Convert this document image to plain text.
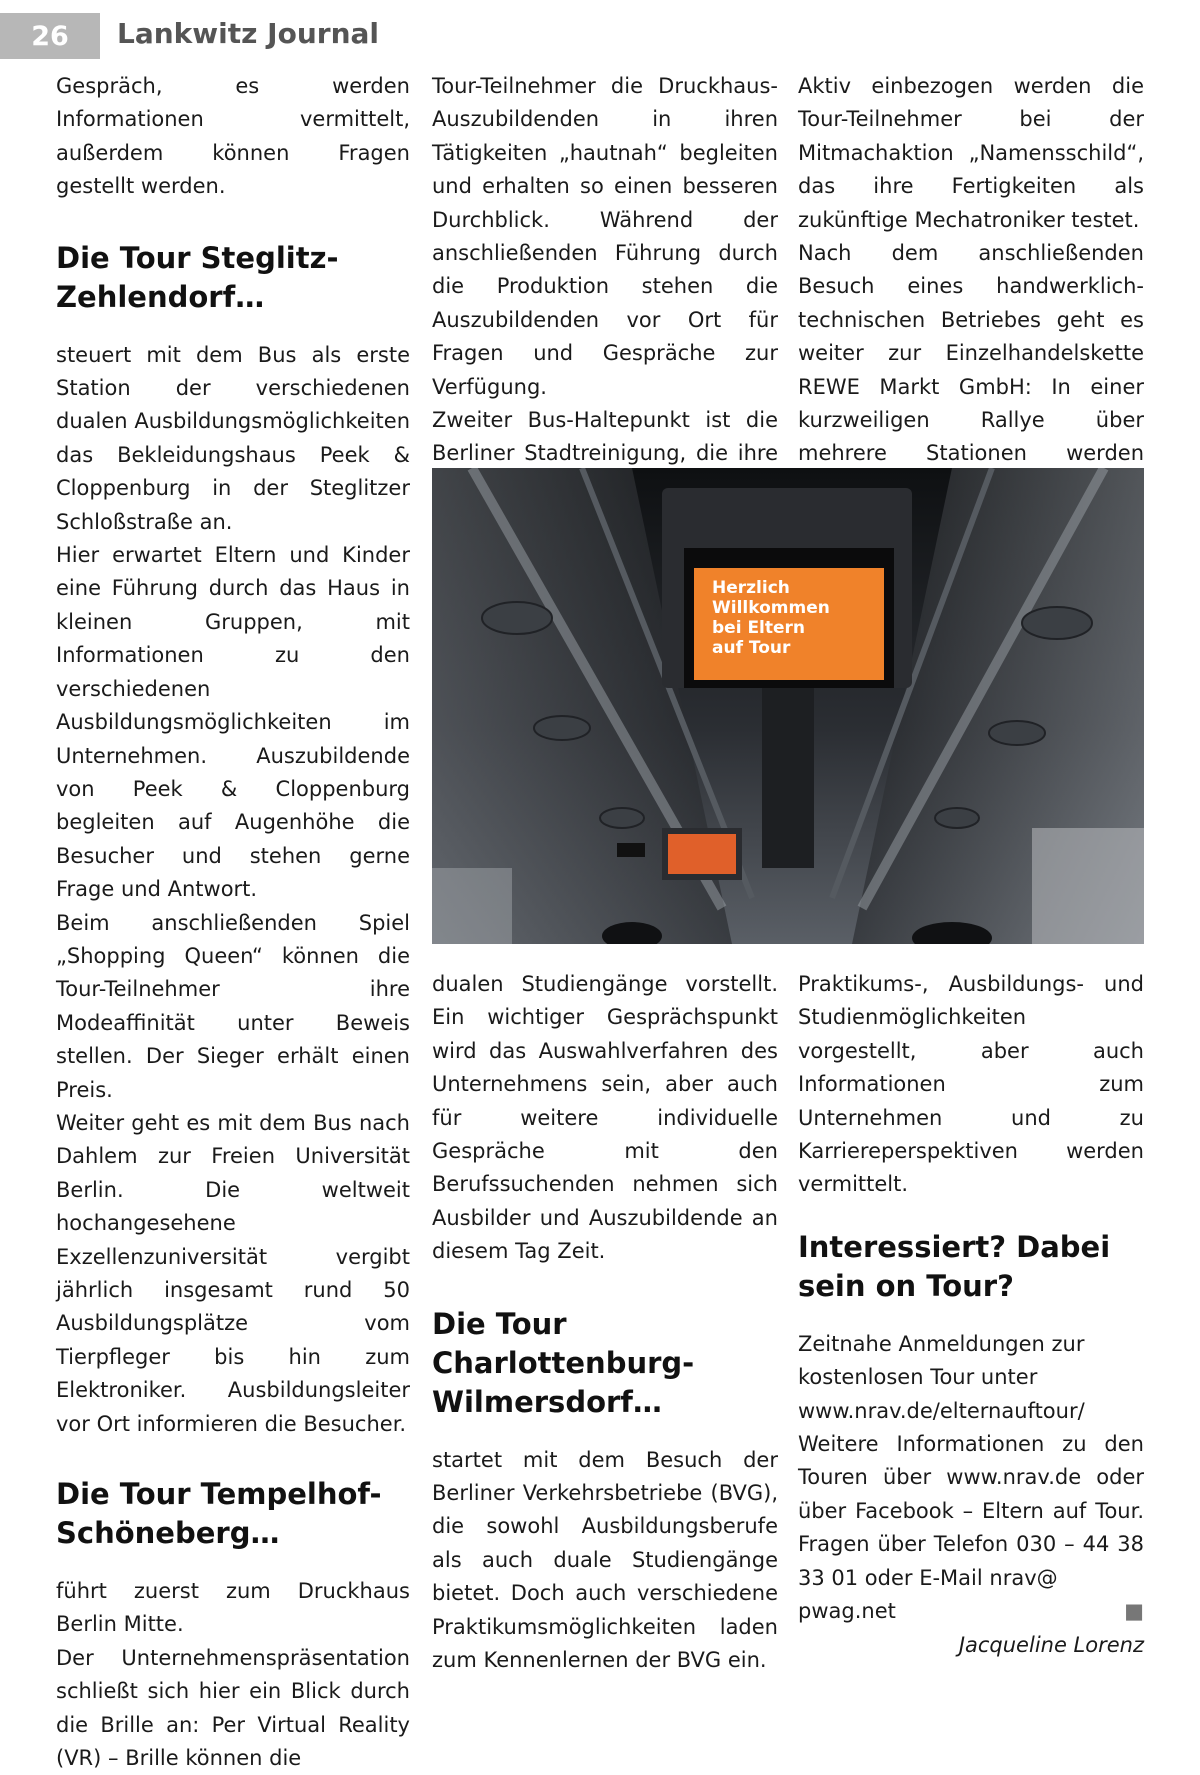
26	Lankwitz Journal

Gespräch, es werden Informationen vermittelt, außerdem können Fragen gestellt werden.

Die Tour Steglitz-Zehlendorf…

steuert mit dem Bus als erste Station der verschiedenen dualen Ausbildungsmöglichkeiten das Bekleidungshaus Peek & Cloppenburg in der Steglitzer Schloßstraße an.

Hier erwartet Eltern und Kinder eine Führung durch das Haus in kleinen Gruppen, mit Informationen zu den verschiedenen Ausbildungsmöglichkeiten im Unternehmen. Auszubildende von Peek & Cloppenburg begleiten auf Augenhöhe die Besucher und stehen gerne Frage und Antwort.

Beim anschließenden Spiel „Shopping Queen“ können die Tour-Teilnehmer ihre Modeaffinität unter Beweis stellen. Der Sieger erhält einen Preis.

Weiter geht es mit dem Bus nach Dahlem zur Freien Universität Berlin. Die weltweit hochangesehene Exzellenzuniversität vergibt jährlich insgesamt rund 50 Ausbildungsplätze vom Tierpfleger bis hin zum Elektroniker. Ausbildungsleiter vor Ort informieren die Besucher.

Die Tour Tempelhof-Schöneberg…

führt zuerst zum Druckhaus Berlin Mitte.

Der Unternehmenspräsentation schließt sich hier ein Blick durch die Brille an: Per Virtual Reality (VR) – Brille können die

Tour-Teilnehmer die Druckhaus-Auszubildenden in ihren Tätigkeiten „hautnah“ begleiten und erhalten so einen besseren Durchblick. Während der anschließenden Führung durch die Produktion stehen die Auszubildenden vor Ort für Fragen und Gespräche zur Verfügung.

Zweiter Bus-Haltepunkt ist die Berliner Stadtreinigung, die ihre

Aktiv einbezogen werden die Tour-Teilnehmer bei der Mitmachaktion „Namensschild“, das ihre Fertigkeiten als zukünftige Mechatroniker testet.

Nach dem anschließenden Besuch eines handwerklich-technischen Betriebes geht es weiter zur Einzelhandelskette REWE Markt GmbH: In einer kurzweiligen Rallye über mehrere Stationen werden

Herzlich
Willkommen
bei Eltern
auf Tour

dualen Studiengänge vorstellt. Ein wichtiger Gesprächspunkt wird das Auswahlverfahren des Unternehmens sein, aber auch für weitere individuelle Gespräche mit den Berufssuchenden nehmen sich Ausbilder und Auszubildende an diesem Tag Zeit.

Die Tour Charlottenburg-Wilmersdorf…

startet mit dem Besuch der Berliner Verkehrsbetriebe (BVG), die sowohl Ausbildungsberufe als auch duale Studiengänge bietet. Doch auch verschiedene Praktikumsmöglichkeiten laden zum Kennenlernen der BVG ein.

Praktikums-, Ausbildungs- und Studienmöglichkeiten vorgestellt, aber auch Informationen zum Unternehmen und zu Karriereperspektiven werden vermittelt.

Interessiert? Dabei sein on Tour?

Zeitnahe Anmeldungen zur kostenlosen Tour unter www.nrav.de/elternauftour/

Weitere Informationen zu den Touren über www.nrav.de oder über Facebook – Eltern auf Tour. Fragen über Telefon 030 – 44 38 33 01 oder E-Mail nrav@

pwag.net	■

Jacqueline Lorenz
